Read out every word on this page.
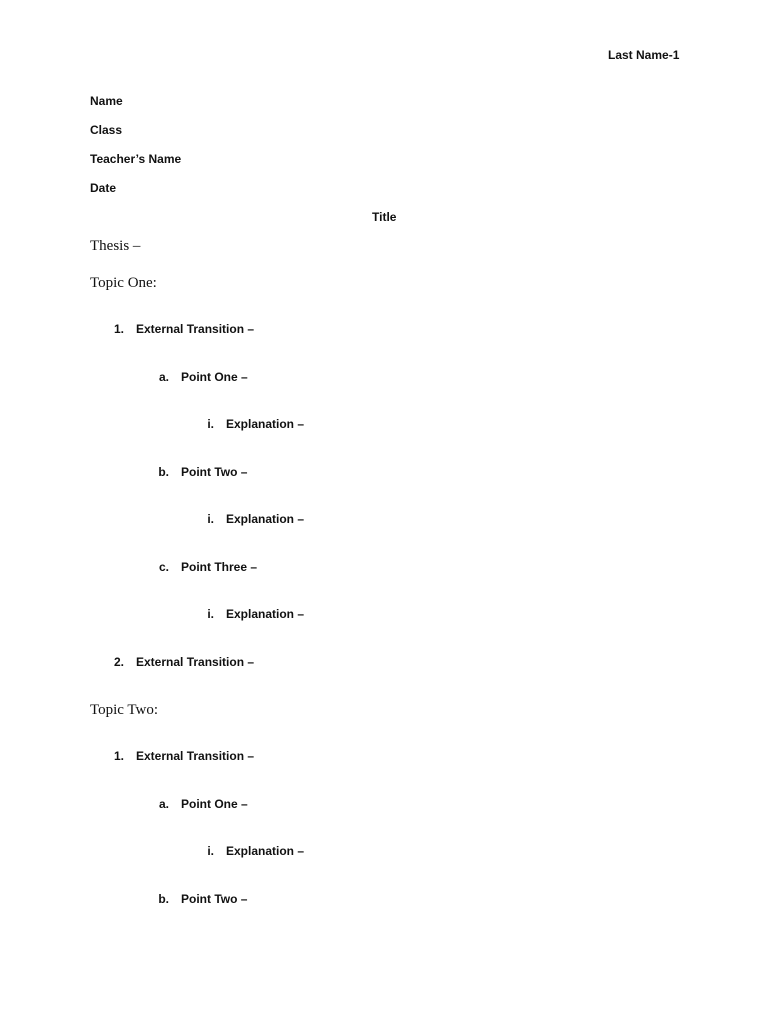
Last Name-1
Name
Class
Teacher’s Name
Date
Title
Thesis –
Topic One:
1. External Transition –
a. Point One –
i. Explanation –
b. Point Two –
i. Explanation –
c. Point Three –
i. Explanation –
2. External Transition –
Topic Two:
1. External Transition –
a. Point One –
i. Explanation –
b. Point Two –
